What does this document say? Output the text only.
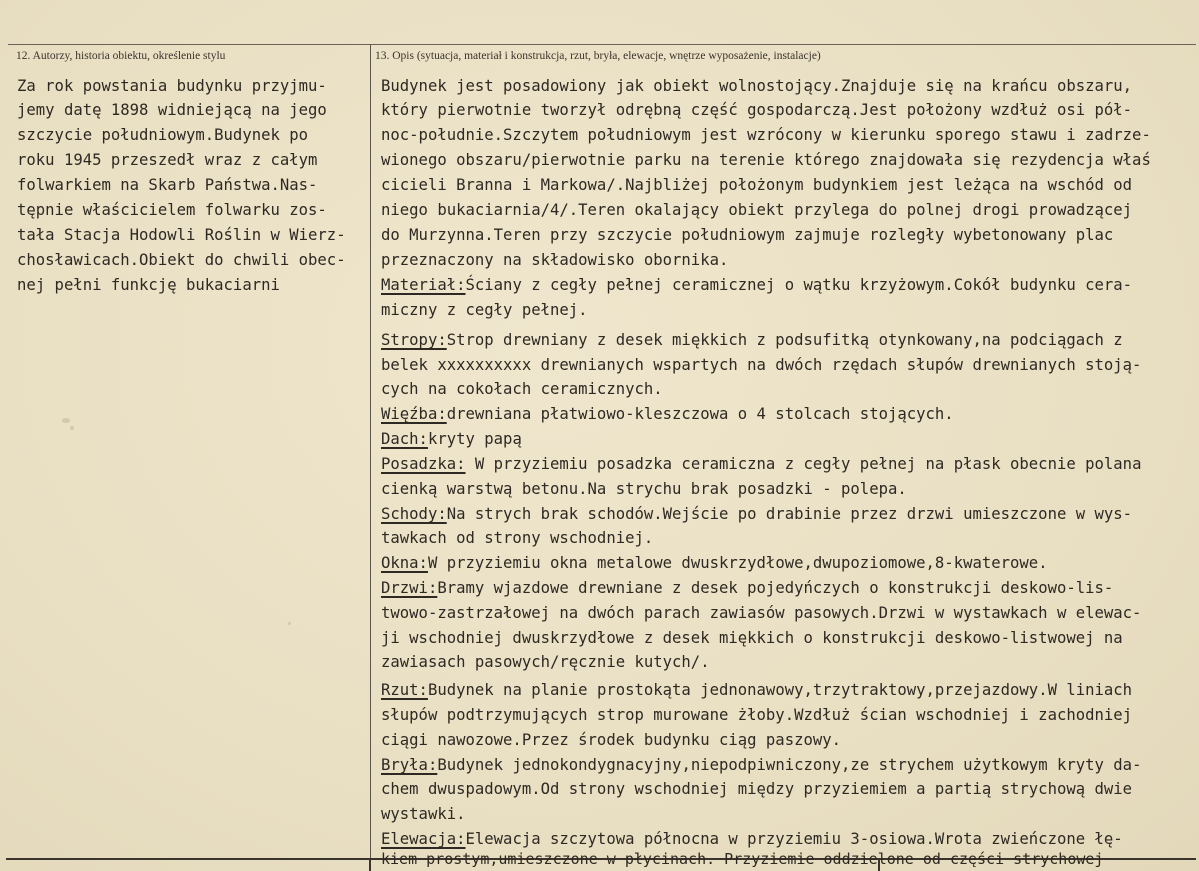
12. Autorzy, historia obiektu, określenie stylu	13. Opis (sytuacja, materiał i konstrukcja, rzut, bryła, elewacje, wnętrze wyposażenie, instalacje)
Za rok powstania budynku przyjmu-
jemy datę 1898 widniejącą na jego
szczycie południowym.Budynek po
roku 1945 przeszedł wraz z całym
folwarkiem na Skarb Państwa.Nas-
tępnie właścicielem folwarku zos-
tała Stacja Hodowli Roślin w Wierz-
chosławicach.Obiekt do chwili obec-
nej pełni funkcję bukaciarni
Budynek jest posadowiony jak obiekt wolnostojący.Znajduje się na krańcu obszaru,
który pierwotnie tworzył odrębną część gospodarczą.Jest położony wzdłuż osi pół-
noc-południe.Szczytem południowym jest wzrócony w kierunku sporego stawu i zadrze-
wionego obszaru/pierwotnie parku na terenie którego znajdowała się rezydencja właś
cicieli Branna i Markowa/.Najbliżej położonym budynkiem jest leżąca na wschód od
niego bukaciarnia/4/.Teren okalający obiekt przylega do polnej drogi prowadzącej
do Murzynna.Teren przy szczycie południowym zajmuje rozległy wybetonowany plac
przeznaczony na składowisko obornika.
Materiał:Ściany z cegły pełnej ceramicznej o wątku krzyżowym.Cokół budynku cera-
miczny z cegły pełnej.
Stropy:Strop drewniany z desek miękkich z podsufitką otynkowany,na podciągach z
belek xxxxxxxxxx drewnianych wspartych na dwóch rzędach słupów drewnianych stoją-
cych na cokołach ceramicznych.
Więźba:drewniana płatwiowo-kleszczowa o 4 stolcach stojących.
Dach:kryty papą
Posadzka: W przyziemiu posadzka ceramiczna z cegły pełnej na płask obecnie polana
cienką warstwą betonu.Na strychu brak posadzki - polepa.
Schody:Na strych brak schodów.Wejście po drabinie przez drzwi umieszczone w wys-
tawkach od strony wschodniej.
Okna:W przyziemiu okna metalowe dwuskrzydłowe,dwupoziomowe,8-kwaterowe.
Drzwi:Bramy wjazdowe drewniane z desek pojedyńczych o konstrukcji deskowo-lis-
twowo-zastrzałowej na dwóch parach zawiasów pasowych.Drzwi w wystawkach w elewac-
ji wschodniej dwuskrzydłowe z desek miękkich o konstrukcji deskowo-listwowej na
zawiasach pasowych/ręcznie kutych/.
Rzut:Budynek na planie prostokąta jednonawowy,trzytraktowy,przejazdowy.W liniach
słupów podtrzymujących strop murowane żłoby.Wzdłuż ścian wschodniej i zachodniej
ciągi nawozowe.Przez środek budynku ciąg paszowy.
Bryła:Budynek jednokondygnacyjny,niepodpiwniczony,ze strychem użytkowym kryty da-
chem dwuspadowym.Od strony wschodniej między przyziemiem a partią strychową dwie
wystawki.
Elewacja:Elewacja szczytowa północna w przyziemiu 3-osiowa.Wrota zwieńczone łę-
kiem prostym,umieszczone w płycinach. Przyziemie oddzielone od części strychowej
